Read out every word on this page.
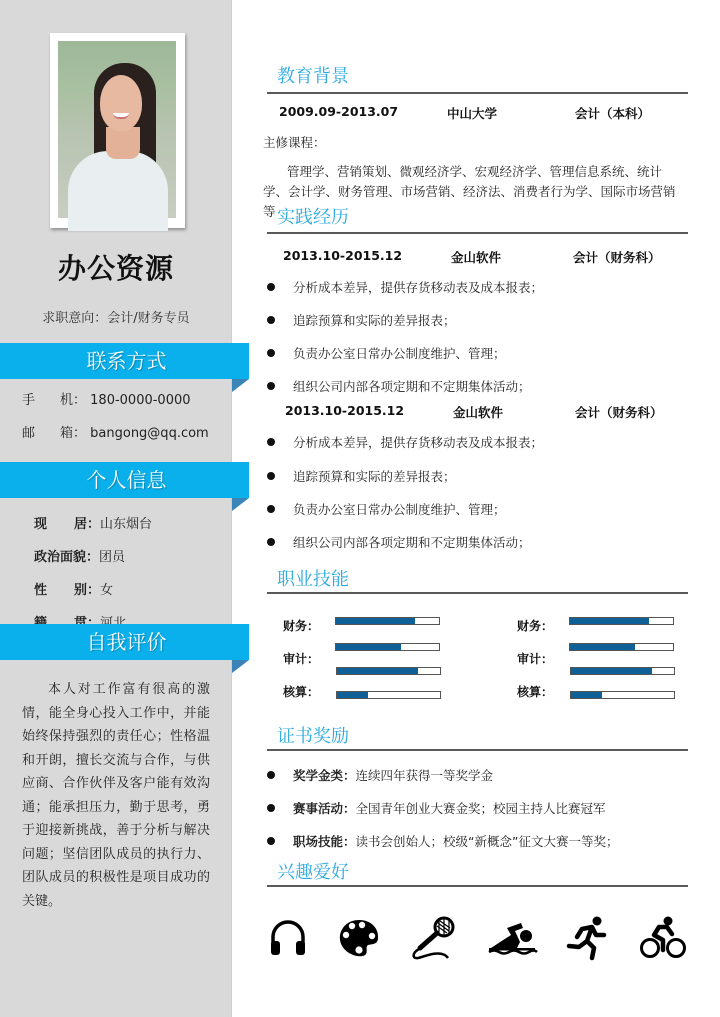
办公资源
求职意向：会计/财务专员
联系方式
手 机： 180-0000-0000
邮 箱： bangong@qq.com
个人信息
现 居：山东烟台
政治面貌：团员
性 别：女
自我评价
本人对工作富有很高的激情，能全身心投入工作中，并能始终保持强烈的责任心；性格温和开朗，擅长交流与合作，与供应商、合作伙伴及客户能有效沟通；能承担压力，勤于思考，勇于迎接新挑战，善于分析与解决问题；坚信团队成员的执行力、团队成员的积极性是项目成功的关键。
教育背景
2009.09-2013.07	中山大学	会计（本科）
主修课程：
管理学、营销策划、微观经济学、宏观经济学、管理信息系统、统计学、会计学、财务管理、市场营销、经济法、消费者行为学、国际市场营销等 实践经历
2013.10-2015.12	金山软件	会计（财务科）
分析成本差异，提供存货移动表及成本报表；
追踪预算和实际的差异报表；
负责办公室日常办公制度维护、管理；
组织公司内部各项定期和不定期集体活动；
2013.10-2015.12	金山软件	会计（财务科）
分析成本差异，提供存货移动表及成本报表；
追踪预算和实际的差异报表；
负责办公室日常办公制度维护、管理；
组织公司内部各项定期和不定期集体活动；
职业技能
财务：
审计：
核算：
财务：
审计：
核算：
证书奖励
奖学金类：连续四年获得一等奖学金
赛事活动：全国青年创业大赛金奖；校园主持人比赛冠军
职场技能：读书会创始人；校级“新概念”征文大赛一等奖；
兴趣爱好
